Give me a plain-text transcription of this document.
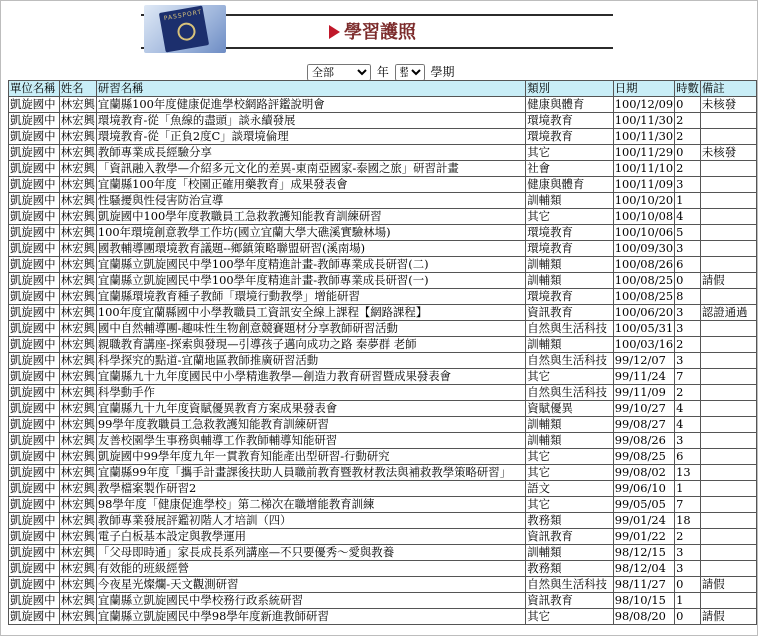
PASSPORT
學習護照
全部 年
整	學期
單位名稱	姓名	研習名稱	類別	日期	時數	備註
凱旋國中	林宏興	宜蘭縣100年度健康促進學校網路評鑑說明會	健康與體育	100/12/09	0	未核發
凱旋國中	林宏興	環境教育-從「魚線的盡頭」談永續發展	環境教育	100/11/30	2	
凱旋國中	林宏興	環境教育-從「正負2度C」談環境倫理	環境教育	100/11/30	2	
凱旋國中	林宏興	教師專業成長經驗分享	其它	100/11/29	0	未核發
凱旋國中	林宏興	「資訊融入教學—介紹多元文化的差異-東南亞國家-泰國之旅」研習計畫	社會	100/11/10	2	
凱旋國中	林宏興	宜蘭縣100年度「校園正確用藥教育」成果發表會	健康與體育	100/11/09	3	
凱旋國中	林宏興	性騷擾與性侵害防治宣導	訓輔類	100/10/20	1	
凱旋國中	林宏興	凱旋國中100學年度教職員工急救教護知能教育訓練研習	其它	100/10/08	4	
凱旋國中	林宏興	100年環境創意教學工作坊(國立宜蘭大學大礁溪實驗林場)	環境教育	100/10/06	5	
凱旋國中	林宏興	國教輔導團環境教育議題--鄉鎮策略聯盟研習(溪南場)	環境教育	100/09/30	3	
凱旋國中	林宏興	宜蘭縣立凱旋國民中學100學年度精進計畫-教師專業成長研習(二)	訓輔類	100/08/26	6	
凱旋國中	林宏興	宜蘭縣立凱旋國民中學100學年度精進計畫-教師專業成長研習(一)	訓輔類	100/08/25	0	請假
凱旋國中	林宏興	宜蘭縣環境教育種子教師「環境行動教學」增能研習	環境教育	100/08/25	8	
凱旋國中	林宏興	100年度宜蘭縣國中小學教職員工資訊安全線上課程【網路課程】	資訊教育	100/06/20	3	認證通過
凱旋國中	林宏興	國中自然輔導團-趣味性生物創意競賽題材分享教師研習活動	自然與生活科技	100/05/31	3	
凱旋國中	林宏興	親職教育講座-探索與發現—引導孩子邁向成功之路 秦夢群 老師	訓輔類	100/03/16	2	
凱旋國中	林宏興	科學探究的點道-宜蘭地區教師推廣研習活動	自然與生活科技	99/12/07	3	
凱旋國中	林宏興	宜蘭縣九十九年度國民中小學精進教學—創造力教育研習暨成果發表會	其它	99/11/24	7	
凱旋國中	林宏興	科學動手作	自然與生活科技	99/11/09	2	
凱旋國中	林宏興	宜蘭縣九十九年度資賦優異教育方案成果發表會	資賦優異	99/10/27	4	
凱旋國中	林宏興	99學年度教職員工急救教護知能教育訓練研習	訓輔類	99/08/27	4	
凱旋國中	林宏興	友善校園學生事務與輔導工作教師輔導知能研習	訓輔類	99/08/26	3	
凱旋國中	林宏興	凱旋國中99學年度九年一貫教育知能產出型研習-行動研究	其它	99/08/25	6	
凱旋國中	林宏興	宜蘭縣99年度「攜手計畫課後扶助人員職前教育暨教材教法與補救教學策略研習」	其它	99/08/02	13	
凱旋國中	林宏興	教學檔案製作研習2	語文	99/06/10	1	
凱旋國中	林宏興	98學年度「健康促進學校」第二梯次在職增能教育訓練	其它	99/05/05	7	
凱旋國中	林宏興	教師專業發展評鑑初階人才培訓（四）	教務類	99/01/24	18	
凱旋國中	林宏興	電子白板基本設定與教學運用	資訊教育	99/01/22	2	
凱旋國中	林宏興	「父母即時通」家長成長系列講座—不只要優秀～愛與教養	訓輔類	98/12/15	3	
凱旋國中	林宏興	有效能的班級經營	教務類	98/12/04	3	
凱旋國中	林宏興	今夜星光燦爛-天文觀測研習	自然與生活科技	98/11/27	0	請假
凱旋國中	林宏興	宜蘭縣立凱旋國民中學校務行政系統研習	資訊教育	98/10/15	1	
凱旋國中	林宏興	宜蘭縣立凱旋國民中學98學年度新進教師研習	其它	98/08/20	0	請假
